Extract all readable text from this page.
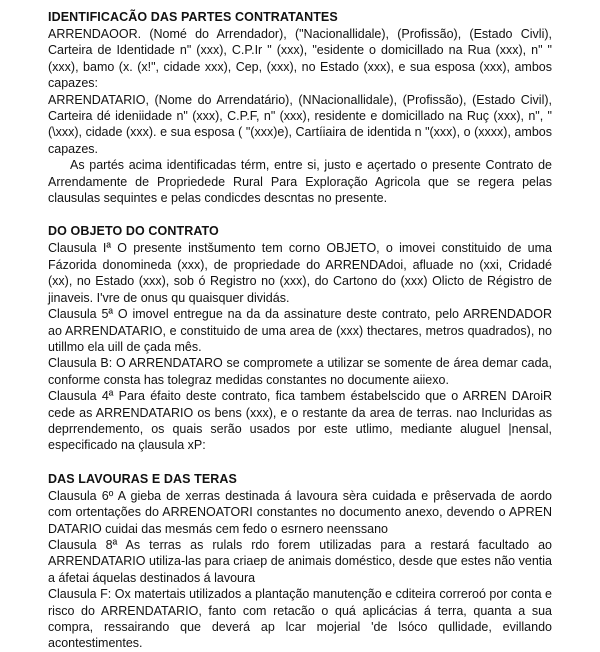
IDENTIFICACÃO DAS PARTES CONTRATANTES

ARRENDAOOR. (Nomé do Arrendador), ("Nacionallidale), (Profissão), (Estado Civli), Carteira de Identidade n" (xxx), C.P.Ir " (xxx), "esidente o domicillado na Rua (xxx), n" "(xxx), bamo (x. (x!", cidade xxx), Cep, (xxx), no Estado (xxx), e sua esposa (xxx), ambos capazes:

ARRENDATARIO, (Nome do Arrendatário), (NNacionallidale), (Profissão), (Estado Civil), Carteira dé ideniidade n" (xxx), C.P.F, n" (xxx), residente e domicillado na Ruç (xxx), n", "(\xxx), cidade (xxx). e sua esposa ( "(xxx)e), Cartíiaira de identida n "(xxx), o (xxxx), ambos capazes.

As partés acima identificadas térm, entre si, justo e açertado o presente Contrato de Arrendamente de Propriedede Rural Para Exploração Agricola que se regera pelas clausulas sequintes e pelas condicdes descntas no presente.

DO OBJETO DO CONTRATO

Clausula Iª O presente instšumento tem corno OBJETO, o imovei constituido de uma Fázorida donomineda (xxx), de propriedade do ARRENDAdoi, afluade no (xxi, Cridadé (xx), no Estado (xxx), sob ó Registro no (xxx), do Cartono do (xxx) Olicto de Régistro de jinaveis. I'vre de onus qu quaisquer dividás.

Clausula 5ª O imovel entregue na da da assinature deste contrato, pelo ARRENDADOR ao ARRENDATARIO, e constituido de uma area de (xxx) thectares, metros quadrados), no utillmo ela uill de çada mês.

Clausula B: O ARRENDATARO se compromete a utilizar se somente de área demar cada, conforme consta has tolegraz medidas constantes no documente aiiexo.

Clausula 4ª Para éfaito deste contrato, fica tambem éstabelscido que o ARREN DAroiR cede as ARRENDATARIO os bens (xxx), e o restante da area de terras. nao Incluridas as deprrendemento, os quais serão usados por este utlimo, mediante aluguel |nensal, especificado na çlausula xP:

DAS LAVOURAS E DAS TERAS

Clausula 6º A gieba de xerras destinada á lavoura sèra cuidada e prêservada de aordo com ortentações do ARRENOATORI constantes no documento anexo, devendo o APREN DATARIO cuidai das mesmás cem fedo o esrnero neenssano

Clausula 8ª As terras as rulals rdo forem utilizadas para a restará facultado ao ARRENDATARIO utiliza-las para criaep de animais doméstico, desde que estes não ventia a áfetai áquelas destinados á lavoura

Clausula F: Ox matertais utilizados a plantação manutenção e cditeira correroó por conta e risco do ARRENDATARIO, fanto com retacão o quá aplicácias á terra, quanta a sua compra, ressairando que deverá ap lcar mojerial 'de lsóco qullidade, evillando acontestimentes.
